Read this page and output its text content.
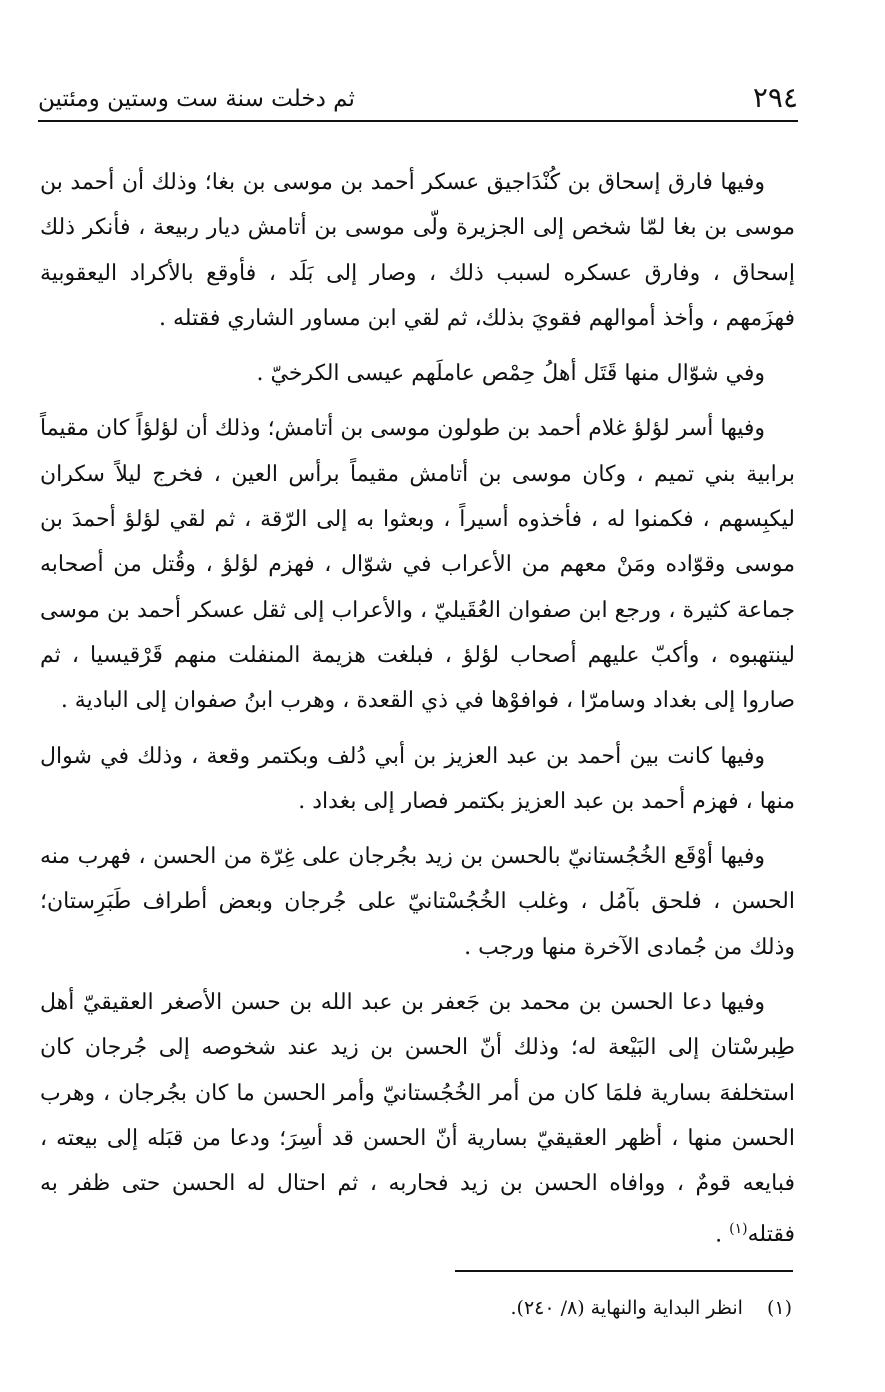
٢٩٤
ثم دخلت سنة ست وستين ومئتين

وفيها فارق إسحاق بن كُنْدَاجيق عسكر أحمد بن موسى بن بغا؛ وذلك أن أحمد بن موسى بن بغا لمّا شخص إلى الجزيرة ولّى موسى بن أتامش ديار ربيعة ، فأنكر ذلك إسحاق ، وفارق عسكره لسبب ذلك ، وصار إلى بَلَد ، فأوقع بالأكراد اليعقوبية فهزَمهم ، وأخذ أموالهم فقويَ بذلك، ثم لقي ابن مساور الشاري فقتله .

وفي شوّال منها قَتَل أهلُ حِمْص عاملَهم عيسى الكرخيّ .

وفيها أسر لؤلؤ غلام أحمد بن طولون موسى بن أتامش؛ وذلك أن لؤلؤاً كان مقيماً برابية بني تميم ، وكان موسى بن أتامش مقيماً برأس العين ، فخرج ليلاً سكران ليكبِسهم ، فكمنوا له ، فأخذوه أسيراً ، وبعثوا به إلى الرّقة ، ثم لقي لؤلؤ أحمدَ بن موسى وقوّاده ومَنْ معهم من الأعراب في شوّال ، فهزم لؤلؤ ، وقُتل من أصحابه جماعة كثيرة ، ورجع ابن صفوان العُقَيليّ ، والأعراب إلى ثقل عسكر أحمد بن موسى لينتهبوه ، وأكبّ عليهم أصحاب لؤلؤ ، فبلغت هزيمة المنفلت منهم قَرْقيسيا ، ثم صاروا إلى بغداد وسامرّا ، فوافوْها في ذي القعدة ، وهرب ابنُ صفوان إلى البادية .

وفيها كانت بين أحمد بن عبد العزيز بن أبي دُلف وبكتمر وقعة ، وذلك في شوال منها ، فهزم أحمد بن عبد العزيز بكتمر فصار إلى بغداد .

وفيها أوْقَع الخُجُستانيّ بالحسن بن زيد بجُرجان على غِرّة من الحسن ، فهرب منه الحسن ، فلحق بآمُل ، وغلب الخُجُسْتانيّ على جُرجان وبعض أطراف طَبَرِستان؛ وذلك من جُمادى الآخرة منها ورجب .

وفيها دعا الحسن بن محمد بن جَعفر بن عبد الله بن حسن الأصغر العقيقيّ أهل طِبرسْتان إلى البَيْعة له؛ وذلك أنّ الحسن بن زيد عند شخوصه إلى جُرجان كان استخلفهَ بسارية فلمَا كان من أمر الخُجُستانيّ وأمر الحسن ما كان بجُرجان ، وهرب الحسن منها ، أظهر العقيقيّ بسارية أنّ الحسن قد أسِرَ؛ ودعا من قبَله إلى بيعته ، فبايعه قومٌ ، ووافاه الحسن بن زيد فحاربه ، ثم احتال له الحسن حتى ظفر به فقتله$^{(١)}$ .

(١)انظر البداية والنهاية (٨/ ٢٤٠).
